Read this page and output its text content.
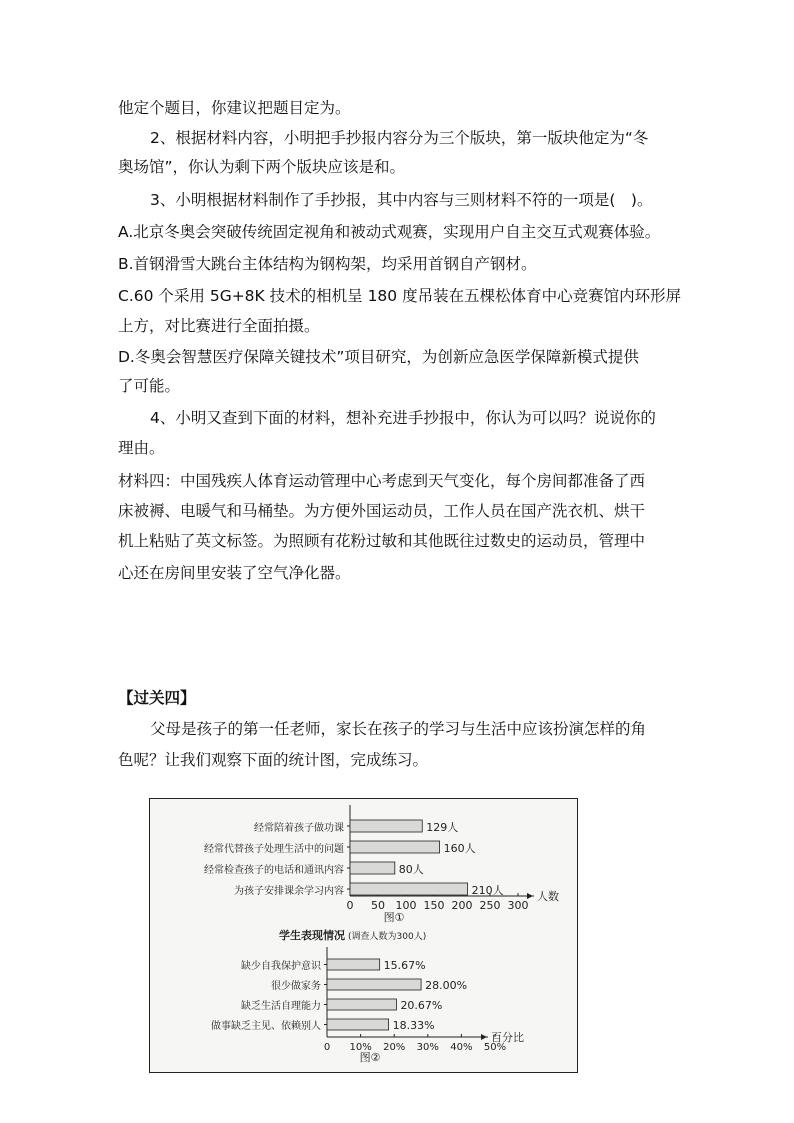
他定个题目，你建议把题目定为。
2、根据材料内容，小明把手抄报内容分为三个版块，第一版块他定为“冬
奥场馆”，你认为剩下两个版块应该是和。
3、小明根据材料制作了手抄报，其中内容与三则材料不符的一项是(　)。
A.北京冬奥会突破传统固定视角和被动式观赛，实现用户自主交互式观赛体验。
B.首钢滑雪大跳台主体结构为钢构架，均采用首钢自产钢材。
C.60 个采用 5G+8K 技术的相机呈 180 度吊装在五棵松体育中心竞赛馆内环形屏
上方，对比赛进行全面拍摄。
D.冬奥会智慧医疗保障关键技术”项目研究，为创新应急医学保障新模式提供
了可能。
4、小明又查到下面的材料，想补充进手抄报中，你认为可以吗？说说你的
理由。
材料四：中国残疾人体育运动管理中心考虑到天气变化，每个房间都准备了西
床被褥、电暖气和马桶垫。为方便外国运动员，工作人员在国产洗衣机、烘干
机上粘贴了英文标签。为照顾有花粉过敏和其他既往过数史的运动员，管理中
心还在房间里安装了空气净化器。
【过关四】
父母是孩子的第一任老师，家长在孩子的学习与生活中应该扮演怎样的角
色呢？让我们观察下面的统计图，完成练习。
0 50 100 150 200 250 300
人数
经常陪着孩子做功课	129人
经常代替孩子处理生活中的问题	160人
经常检查孩子的电话和通讯内容	80人
为孩子安排课余学习内容	210人
图①
学生表现情况 (调查人数为300人)
0 10% 20% 30% 40% 50%
百分比
缺少自我保护意识	15.67%
很少做家务	28.00%
缺乏生活自理能力	20.67%
做事缺乏主见、依赖别人	18.33%
图②
